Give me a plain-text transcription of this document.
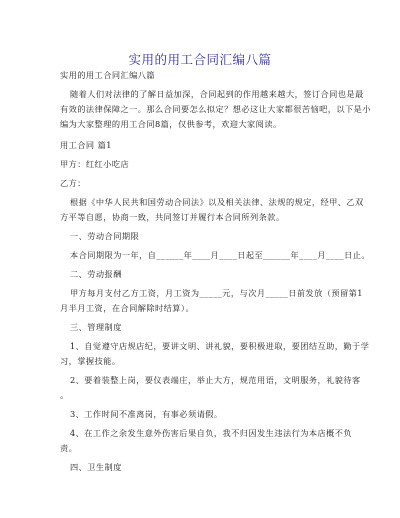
实用的用工合同汇编八篇
实用的用工合同汇编八篇
随着人们对法律的了解日益加深，合同起到的作用越来越大，签订合同也是最
有效的法律保障之一。那么合同要怎么拟定？想必这让大家都很苦恼吧，以下是小
编为大家整理的用工合同8篇，仅供参考，欢迎大家阅读。
用工合同 篇1
甲方：红红小吃店
乙方：
根据《中华人民共和国劳动合同法》以及相关法律、法规的规定，经甲、乙双
方平等自愿，协商一致，共同签订并履行本合同所列条款。
一、劳动合同期限
本合同期限为一年，自______年____月____日起至______年____月____日止。
二、劳动报酬
甲方每月支付乙方工资，月工资为_____元，与次月_____日前发放（预留第1
月半月工资，在合同解除时结算）。
三、管理制度
1、自觉遵守店规店纪，要讲文明、讲礼貌，要积极进取，要团结互助，勤于学
习，掌握技能。
2、要着装整上岗，要仪表端庄，举止大方，规范用语，文明服务，礼貌待客
。
3、工作时间不准离岗，有事必须请假。
4、在工作之余发生意外伤害后果自负，我不归因发生违法行为本店概不负
责。
四、卫生制度
